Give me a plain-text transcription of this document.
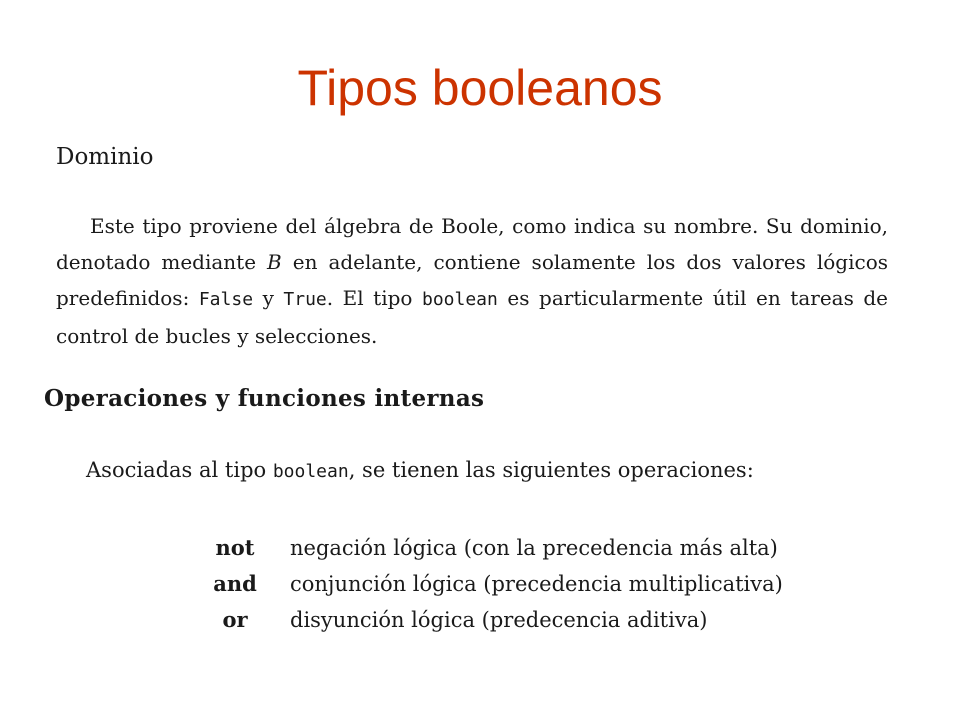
Tipos booleanos
Dominio

Este tipo proviene del álgebra de Boole, como indica su nombre. Su dominio, denotado mediante B en adelante, contiene solamente los dos valores lógicos predefinidos: False y True. El tipo boolean es particularmente útil en tareas de control de bucles y selecciones.

Operaciones y funciones internas

Asociadas al tipo boolean, se tienen las siguientes operaciones:

not	negación lógica (con la precedencia más alta)
and	conjunción lógica (precedencia multiplicativa)
or	disyunción lógica (predecencia aditiva)
